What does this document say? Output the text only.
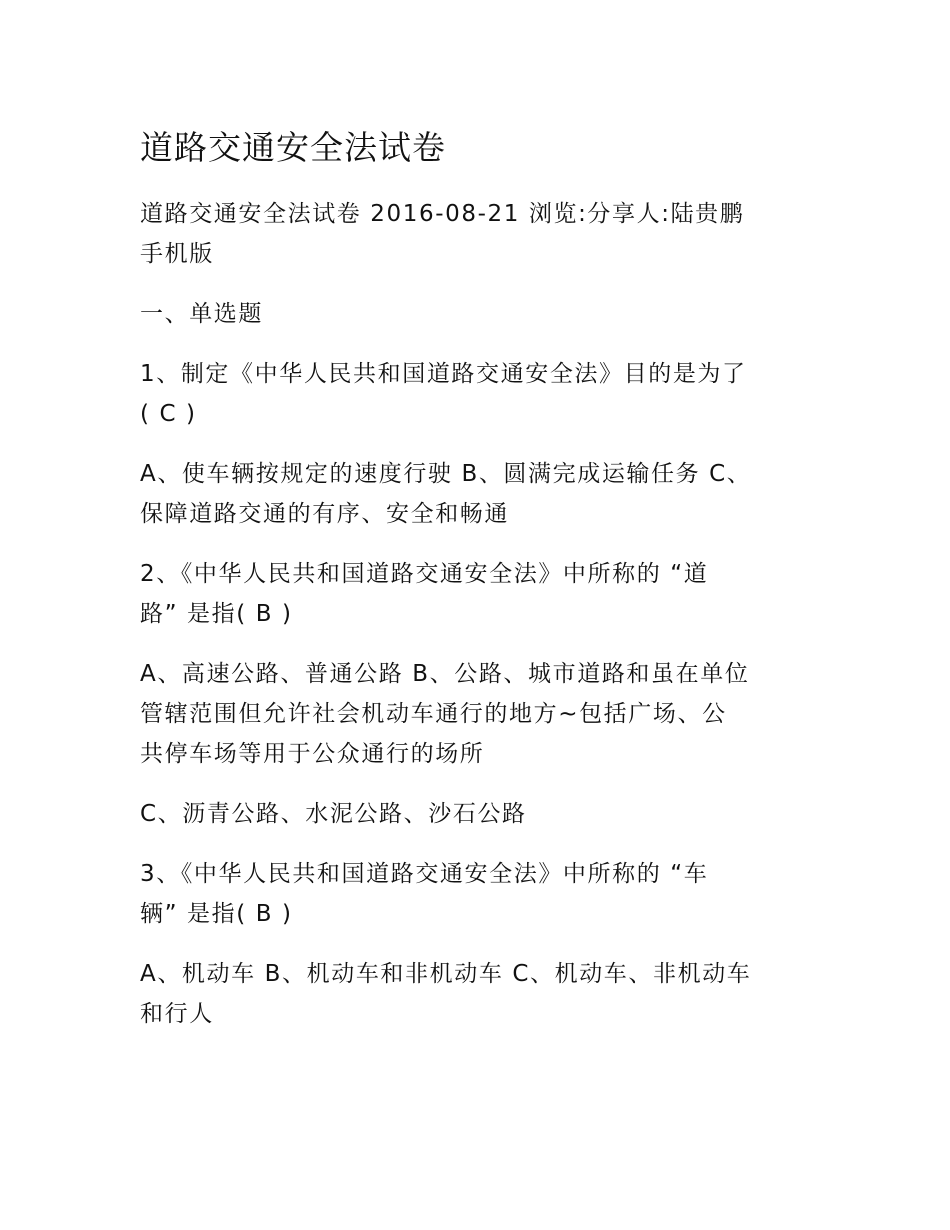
道路交通安全法试卷
道路交通安全法试卷 2016-08-21 浏览:分享人:陆贵鹏
手机版
一、单选题
1、制定《中华人民共和国道路交通安全法》目的是为了
( C )
A、使车辆按规定的速度行驶 B、圆满完成运输任务 C、
保障道路交通的有序、安全和畅通
2、《中华人民共和国道路交通安全法》中所称的 “道
路” 是指( B )
A、高速公路、普通公路 B、公路、城市道路和虽在单位
管辖范围但允许社会机动车通行的地方~包括广场、公
共停车场等用于公众通行的场所
C、沥青公路、水泥公路、沙石公路
3、《中华人民共和国道路交通安全法》中所称的 “车
辆” 是指( B )
A、机动车 B、机动车和非机动车 C、机动车、非机动车
和行人
